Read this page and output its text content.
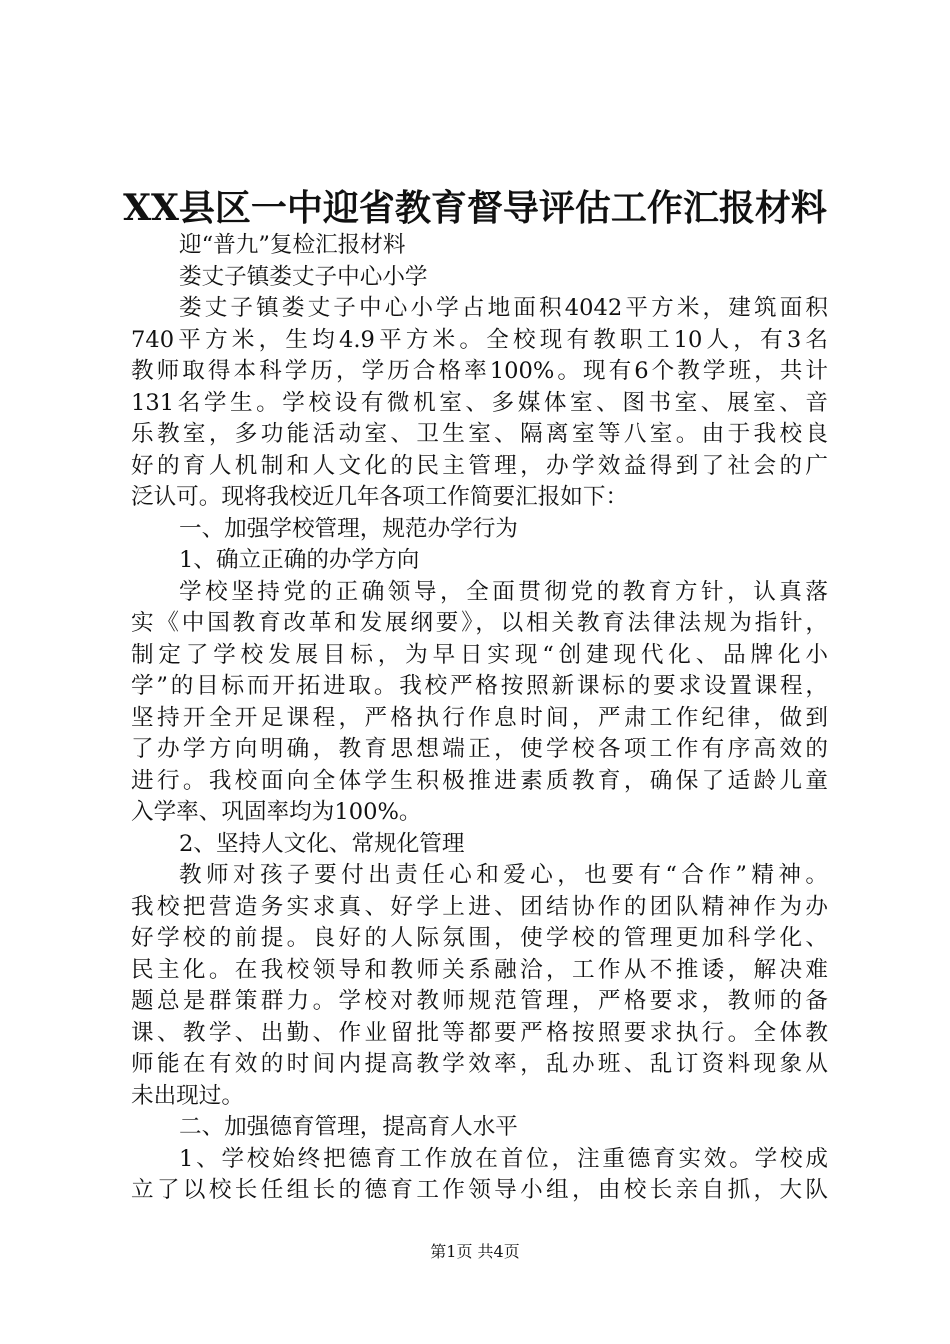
XX县区一中迎省教育督导评估工作汇报材料
迎“普九”复检汇报材料
娄丈子镇娄丈子中心小学
娄丈子镇娄丈子中心小学占地面积4042平方米，建筑面积
740平方米，生均4.9平方米。全校现有教职工10人，有3名
教师取得本科学历，学历合格率100%。现有6个教学班，共计
131名学生。学校设有微机室、多媒体室、图书室、展室、音
乐教室，多功能活动室、卫生室、隔离室等八室。由于我校良
好的育人机制和人文化的民主管理，办学效益得到了社会的广
泛认可。现将我校近几年各项工作简要汇报如下：
一、加强学校管理，规范办学行为
1、确立正确的办学方向
学校坚持党的正确领导，全面贯彻党的教育方针，认真落
实《中国教育改革和发展纲要》，以相关教育法律法规为指针，
制定了学校发展目标，为早日实现“创建现代化、品牌化小
学”的目标而开拓进取。我校严格按照新课标的要求设置课程，
坚持开全开足课程，严格执行作息时间，严肃工作纪律，做到
了办学方向明确，教育思想端正，使学校各项工作有序高效的
进行。我校面向全体学生积极推进素质教育，确保了适龄儿童
入学率、巩固率均为100%。
2、坚持人文化、常规化管理
教师对孩子要付出责任心和爱心，也要有“合作”精神。
我校把营造务实求真、好学上进、团结协作的团队精神作为办
好学校的前提。良好的人际氛围，使学校的管理更加科学化、
民主化。在我校领导和教师关系融洽，工作从不推诿，解决难
题总是群策群力。学校对教师规范管理，严格要求，教师的备
课、教学、出勤、作业留批等都要严格按照要求执行。全体教
师能在有效的时间内提高教学效率，乱办班、乱订资料现象从
未出现过。
二、加强德育管理，提高育人水平
1、学校始终把德育工作放在首位，注重德育实效。学校成
立了以校长任组长的德育工作领导小组，由校长亲自抓，大队
第1页 共4页
